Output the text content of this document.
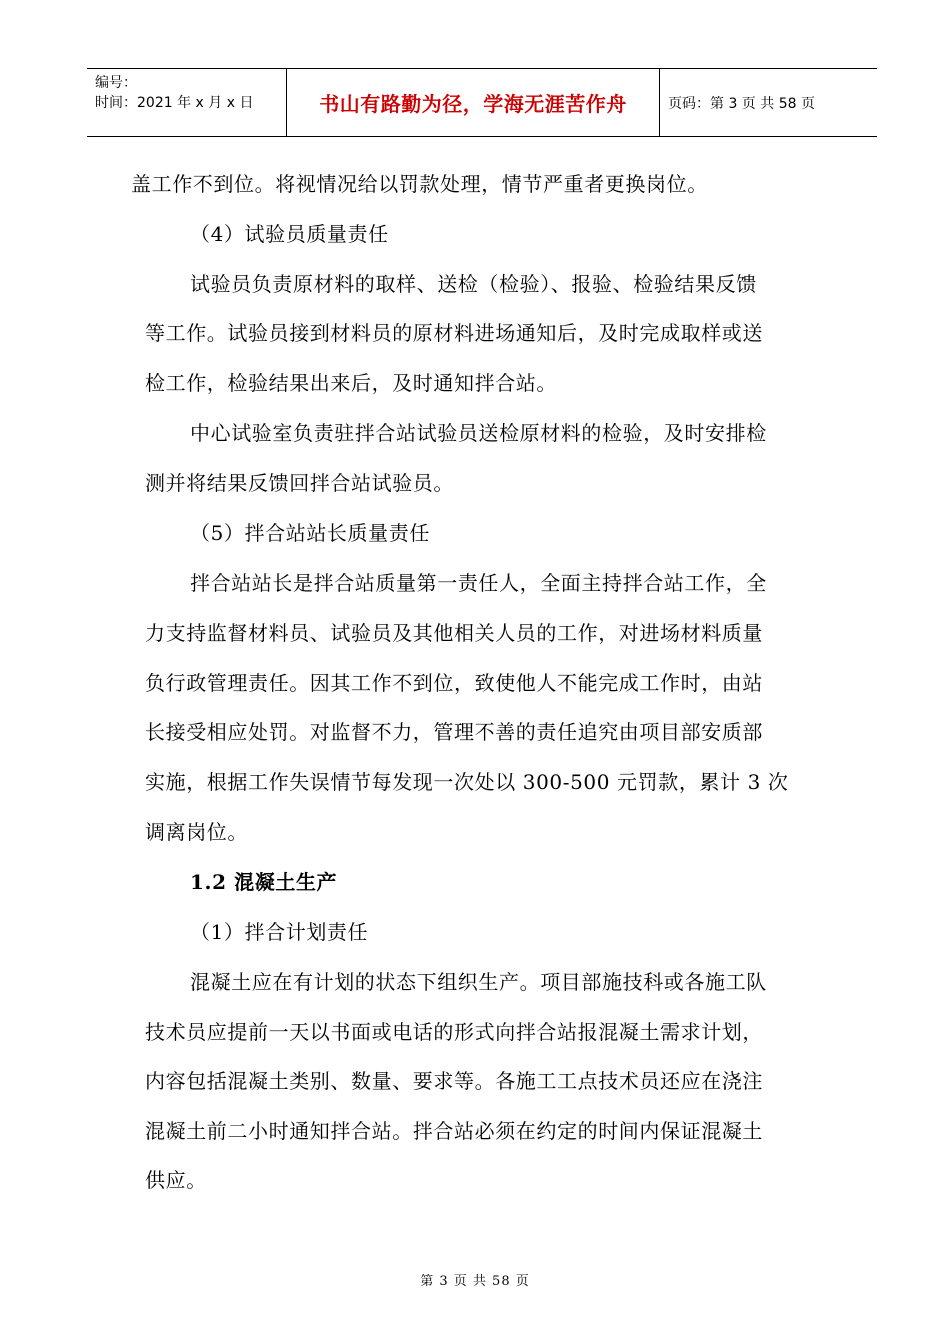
编号：
时间：2021 年 x 月 x 日	书山有路勤为径，学海无涯苦作舟	页码：第 3 页 共 58 页
盖工作不到位。将视情况给以罚款处理，情节严重者更换岗位。
（4）试验员质量责任
试验员负责原材料的取样、送检（检验）、报验、检验结果反馈
等工作。试验员接到材料员的原材料进场通知后，及时完成取样或送
检工作，检验结果出来后，及时通知拌合站。
中心试验室负责驻拌合站试验员送检原材料的检验，及时安排检
测并将结果反馈回拌合站试验员。
（5）拌合站站长质量责任
拌合站站长是拌合站质量第一责任人，全面主持拌合站工作，全
力支持监督材料员、试验员及其他相关人员的工作，对进场材料质量
负行政管理责任。因其工作不到位，致使他人不能完成工作时，由站
长接受相应处罚。对监督不力，管理不善的责任追究由项目部安质部
实施，根据工作失误情节每发现一次处以 300-500 元罚款，累计 3 次
调离岗位。
1.2 混凝土生产
（1）拌合计划责任
混凝土应在有计划的状态下组织生产。项目部施技科或各施工队
技术员应提前一天以书面或电话的形式向拌合站报混凝土需求计划，
内容包括混凝土类别、数量、要求等。各施工工点技术员还应在浇注
混凝土前二小时通知拌合站。拌合站必须在约定的时间内保证混凝土
供应。
第 3 页 共 58 页
